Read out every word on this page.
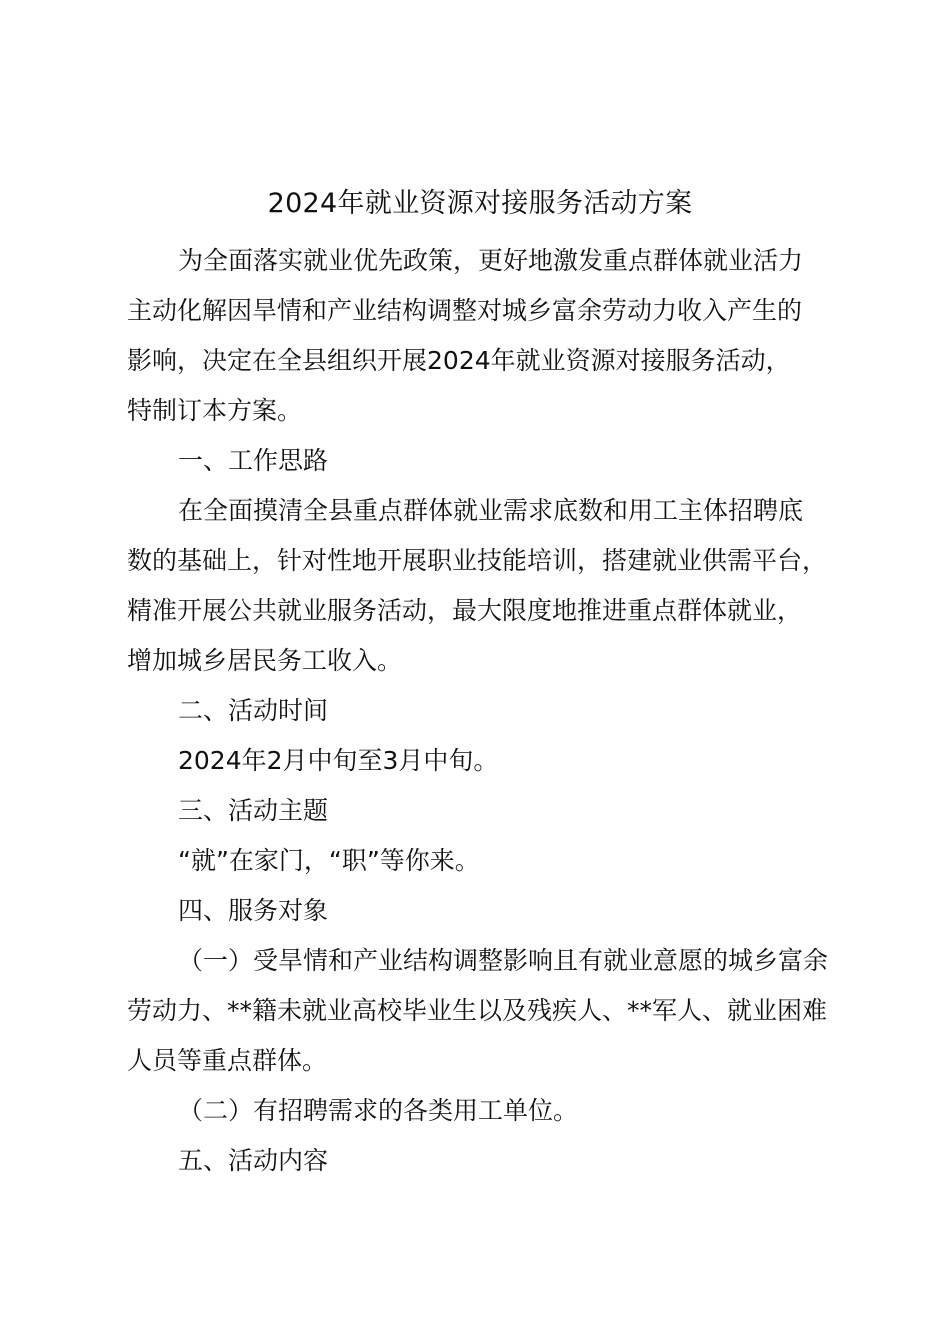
2024年就业资源对接服务活动方案
为全面落实就业优先政策，更好地激发重点群体就业活力
主动化解因旱情和产业结构调整对城乡富余劳动力收入产生的
影响，决定在全县组织开展2024年就业资源对接服务活动，
特制订本方案。
一、工作思路
在全面摸清全县重点群体就业需求底数和用工主体招聘底
数的基础上，针对性地开展职业技能培训，搭建就业供需平台，
精准开展公共就业服务活动，最大限度地推进重点群体就业，
增加城乡居民务工收入。
二、活动时间
2024年2月中旬至3月中旬。
三、活动主题
“就”在家门，“职”等你来。
四、服务对象
（一）受旱情和产业结构调整影响且有就业意愿的城乡富余
劳动力、**籍未就业高校毕业生以及残疾人、**军人、就业困难
人员等重点群体。
（二）有招聘需求的各类用工单位。
五、活动内容
